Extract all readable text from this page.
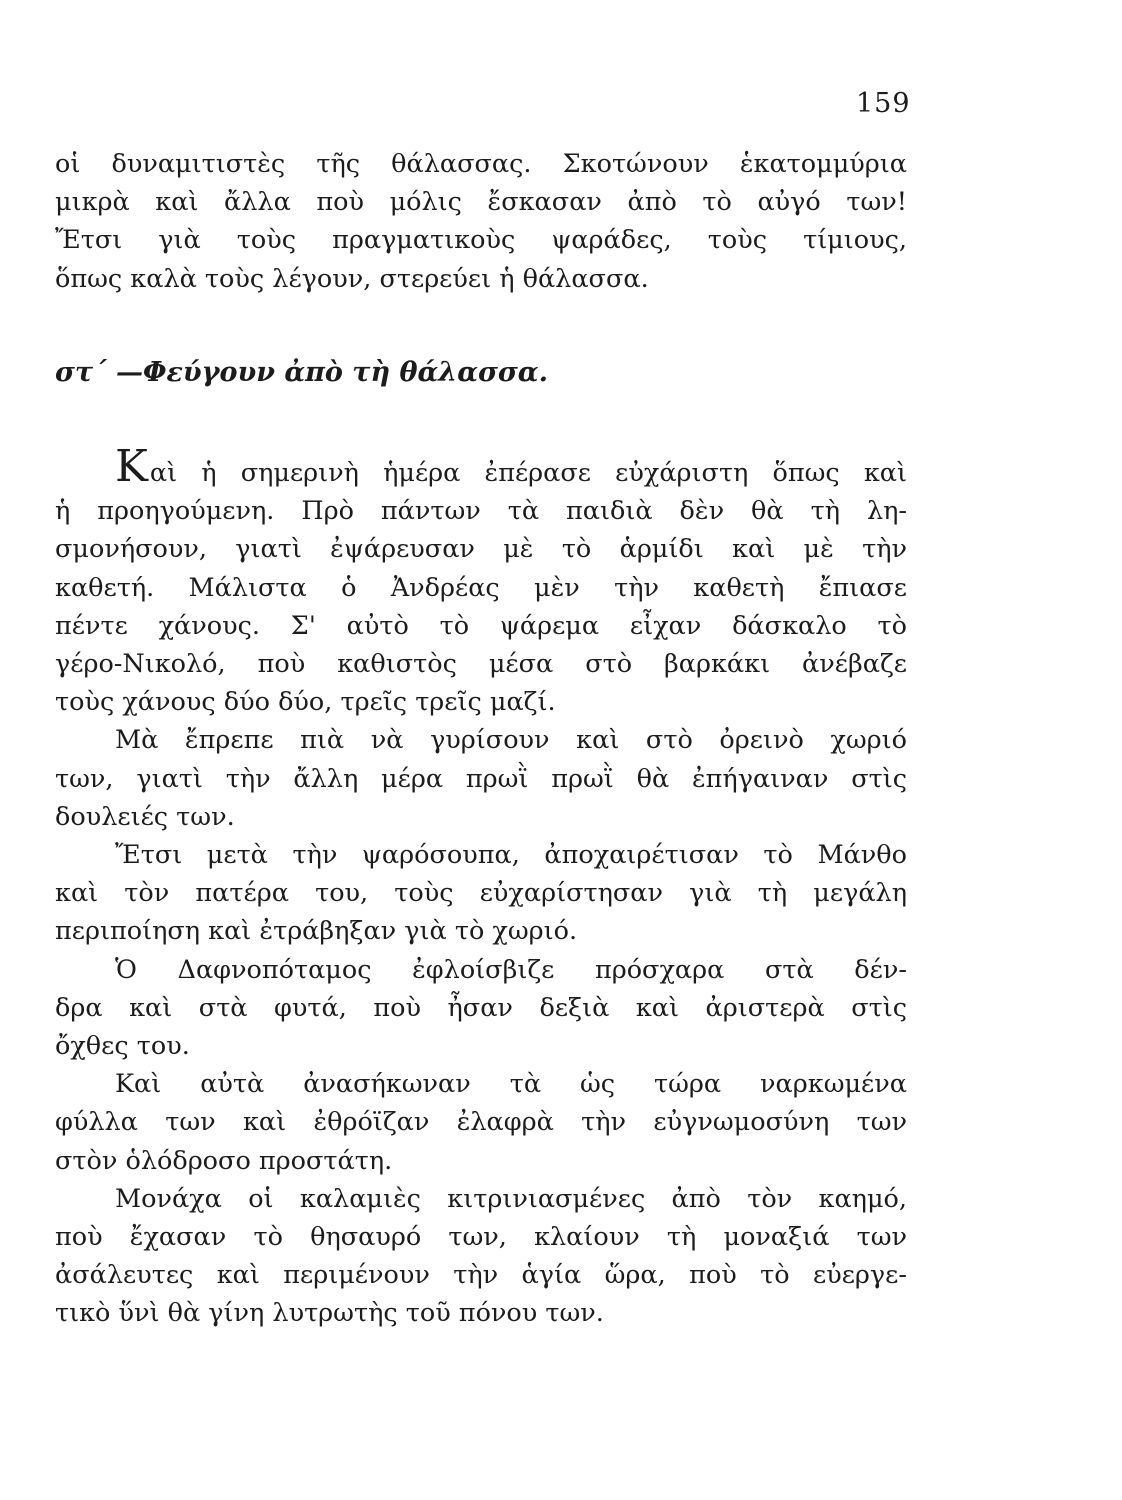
159
οἱ δυναμιτιστὲς τῆς θάλασσας. Σκοτώνουν ἑκατομμύρια
μικρὰ καὶ ἄλλα ποὺ μόλις ἔσκασαν ἀπὸ τὸ αὐγό των!
Ἔτσι γιὰ τοὺς πραγματικοὺς ψαράδες, τοὺς τίμιους,
ὅπως καλὰ τοὺς λέγουν, στερεύει ἡ θάλασσα.
στ΄ —Φεύγουν ἀπὸ τὴ θάλασσα.
Kαὶ ἡ σημερινὴ ἡμέρα ἐπέρασε εὐχάριστη ὅπως καὶ
ἡ προηγούμενη. Πρὸ πάντων τὰ παιδιὰ δὲν θὰ τὴ λη-
σμονήσουν, γιατὶ ἐψάρευσαν μὲ τὸ ἁρμίδι καὶ μὲ τὴν
καθετή. Μάλιστα ὁ Ἀνδρέας μὲν τὴν καθετὴ ἔπιασε
πέντε χάνους. Σ' αὐτὸ τὸ ψάρεμα εἶχαν δάσκαλο τὸ
γέρο-Νικολό, ποὺ καθιστὸς μέσα στὸ βαρκάκι ἀνέβαζε
τοὺς χάνους δύο δύο, τρεῖς τρεῖς μαζί.
Μὰ ἔπρεπε πιὰ νὰ γυρίσουν καὶ στὸ ὀρεινὸ χωριό
των, γιατὶ τὴν ἄλλη μέρα πρωῒ πρωῒ θὰ ἐπήγαιναν στὶς
δουλειές των.
Ἔτσι μετὰ τὴν ψαρόσουπα, ἀποχαιρέτισαν τὸ Μάνθο
καὶ τὸν πατέρα του, τοὺς εὐχαρίστησαν γιὰ τὴ μεγάλη
περιποίηση καὶ ἐτράβηξαν γιὰ τὸ χωριό.
Ὁ Δαφνοπόταμος ἐφλοίσβιζε πρόσχαρα στὰ δέν-
δρα καὶ στὰ φυτά, ποὺ ἦσαν δεξιὰ καὶ ἀριστερὰ στὶς
ὄχθες του.
Καὶ αὐτὰ ἀνασήκωναν τὰ ὡς τώρα ναρκωμένα
φύλλα των καὶ ἐθρόϊζαν ἐλαφρὰ τὴν εὐγνωμοσύνη των
στὸν ὁλόδροσο προστάτη.
Μονάχα οἱ καλαμιὲς κιτρινιασμένες ἀπὸ τὸν καημό,
ποὺ ἔχασαν τὸ θησαυρό των, κλαίουν τὴ μοναξιά των
ἀσάλευτες καὶ περιμένουν τὴν ἁγία ὥρα, ποὺ τὸ εὐεργε-
τικὸ ὕνὶ θὰ γίνη λυτρωτὴς τοῦ πόνου των.
